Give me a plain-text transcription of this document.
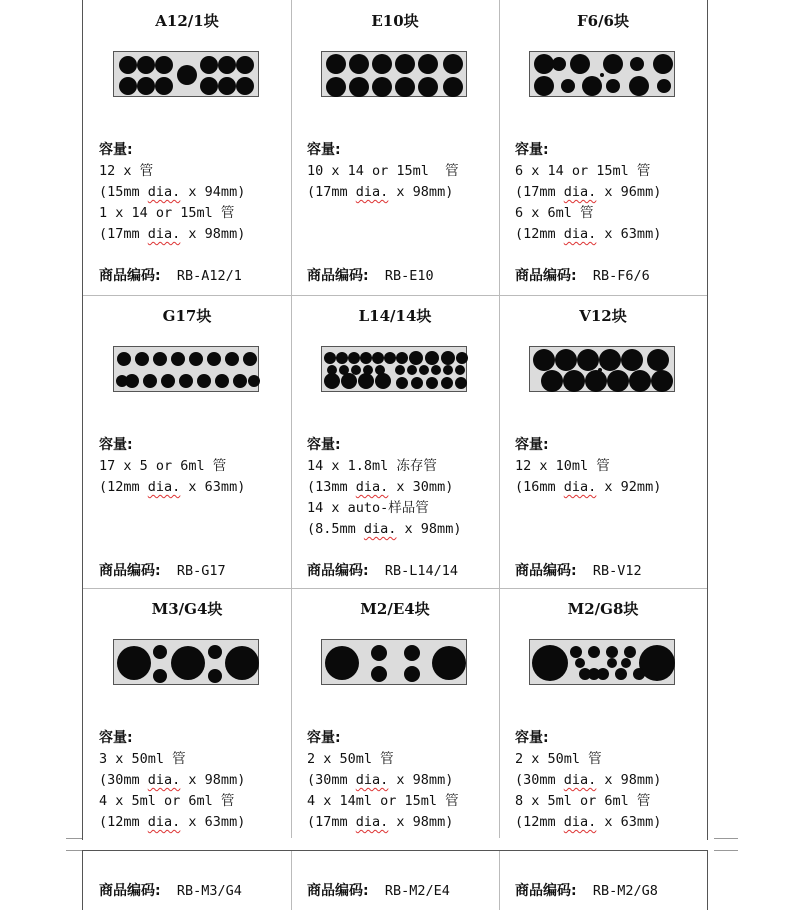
A12/1块
容量:
12 x 管
(15mm dia. x 94mm)
1 x 14 or 15ml 管
(17mm dia. x 98mm)
商品编码:  RB-A12/1
E10块
容量:
10 x 14 or 15ml  管
(17mm dia. x 98mm)
商品编码:  RB-E10
F6/6块
容量:
6 x 14 or 15ml 管
(17mm dia. x 96mm)
6 x 6ml 管
(12mm dia. x 63mm)
商品编码:  RB-F6/6
G17块
容量:
17 x 5 or 6ml 管
(12mm dia. x 63mm)
商品编码:  RB-G17
L14/14块
容量:
14 x 1.8ml 冻存管
(13mm dia. x 30mm)
14 x auto-样品管
(8.5mm dia. x 98mm)
商品编码:  RB-L14/14
V12块
容量:
12 x 10ml 管
(16mm dia. x 92mm)
商品编码:  RB-V12
商品编码:  RB-M3/G4
M3/G4块
容量:
3 x 50ml 管
(30mm dia. x 98mm)
4 x 5ml or 6ml 管
(12mm dia. x 63mm)
商品编码:  RB-M2/E4
M2/E4块
容量:
2 x 50ml 管
(30mm dia. x 98mm)
4 x 14ml or 15ml 管
(17mm dia. x 98mm)
商品编码:  RB-M2/G8
M2/G8块
容量:
2 x 50ml 管
(30mm dia. x 98mm)
8 x 5ml or 6ml 管
(12mm dia. x 63mm)
